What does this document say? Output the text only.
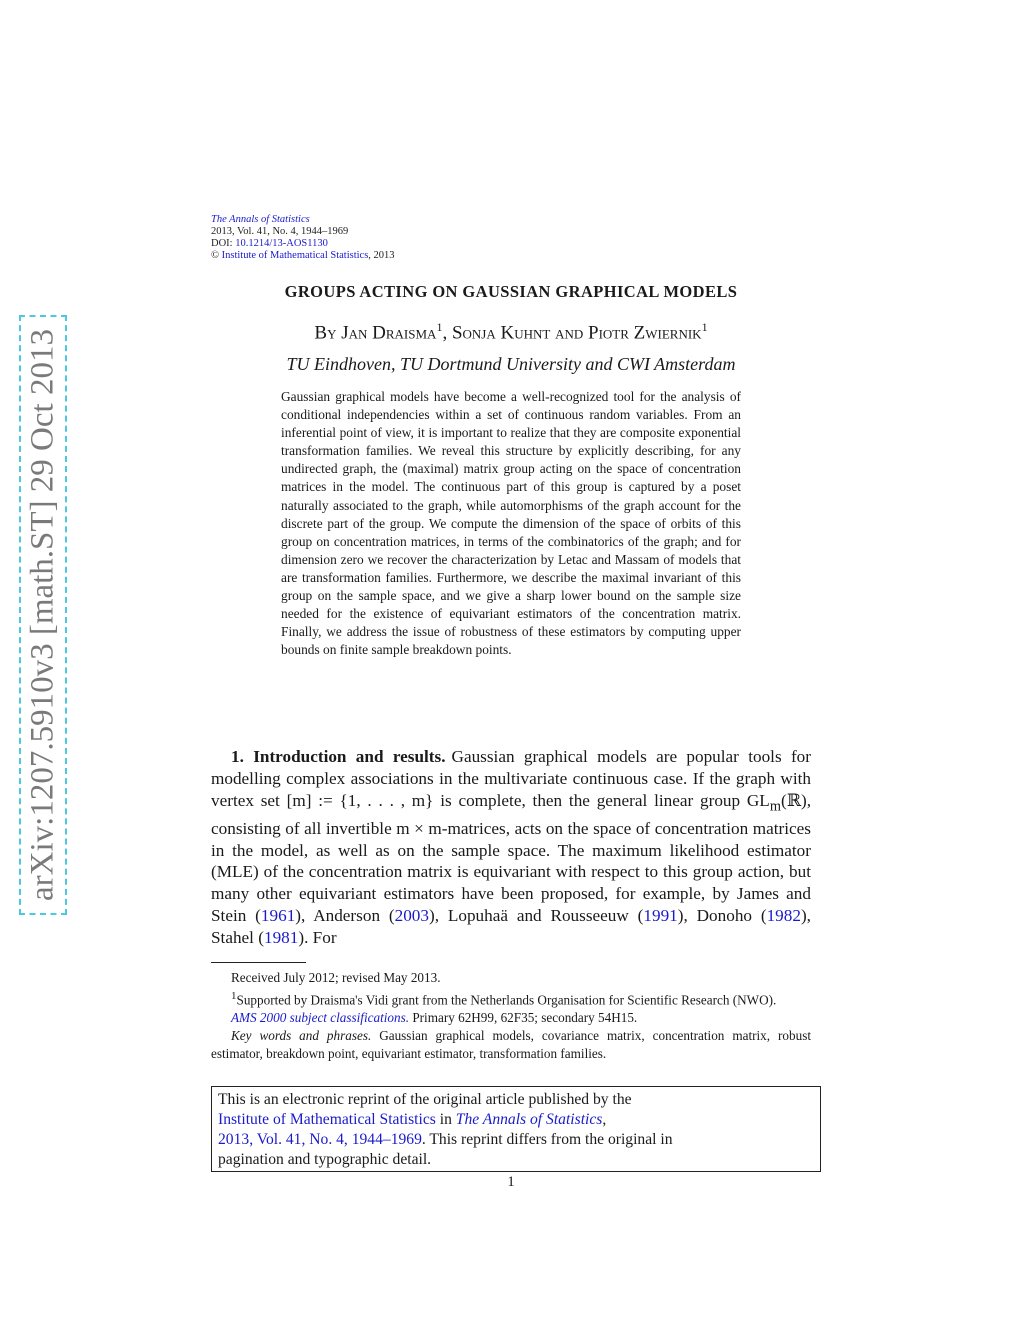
arXiv:1207.5910v3 [math.ST] 29 Oct 2013
The Annals of Statistics
2013, Vol. 41, No. 4, 1944–1969
DOI: 10.1214/13-AOS1130
© Institute of Mathematical Statistics, 2013
GROUPS ACTING ON GAUSSIAN GRAPHICAL MODELS
By Jan Draisma$^1$, Sonja Kuhnt and Piotr Zwiernik$^1$
TU Eindhoven, TU Dortmund University and CWI Amsterdam

Gaussian graphical models have become a well-recognized tool for the analysis of conditional independencies within a set of continuous random variables. From an inferential point of view, it is important to realize that they are composite exponential transformation families. We reveal this structure by explicitly describing, for any undirected graph, the (maximal) matrix group acting on the space of concentration matrices in the model. The continuous part of this group is captured by a poset naturally associated to the graph, while automorphisms of the graph account for the discrete part of the group. We compute the dimension of the space of orbits of this group on concentration matrices, in terms of the combinatorics of the graph; and for dimension zero we recover the characterization by Letac and Massam of models that are transformation families. Furthermore, we describe the maximal invariant of this group on the sample space, and we give a sharp lower bound on the sample size needed for the existence of equivariant estimators of the concentration matrix. Finally, we address the issue of robustness of these estimators by computing upper bounds on finite sample breakdown points.

1. Introduction and results. Gaussian graphical models are popular tools for modelling complex associations in the multivariate continuous case. If the graph with vertex set [m] := {1, . . . , m} is complete, then the general linear group $GL_m(ℝ)$, consisting of all invertible m × m-matrices, acts on the space of concentration matrices in the model, as well as on the sample space. The maximum likelihood estimator (MLE) of the concentration matrix is equivariant with respect to this group action, but many other equivariant estimators have been proposed, for example, by James and Stein (1961), Anderson (2003), Lopuhaä and Rousseeuw (1991), Donoho (1982), Stahel (1981). For

Received July 2012; revised May 2013.

$^1$Supported by Draisma's Vidi grant from the Netherlands Organisation for Scientific Research (NWO).

AMS 2000 subject classifications. Primary 62H99, 62F35; secondary 54H15.

Key words and phrases. Gaussian graphical models, covariance matrix, concentration matrix, robust estimator, breakdown point, equivariant estimator, transformation families.

This is an electronic reprint of the original article published by the
Institute of Mathematical Statistics in The Annals of Statistics,
2013, Vol. 41, No. 4, 1944–1969. This reprint differs from the original in
pagination and typographic detail.
1
